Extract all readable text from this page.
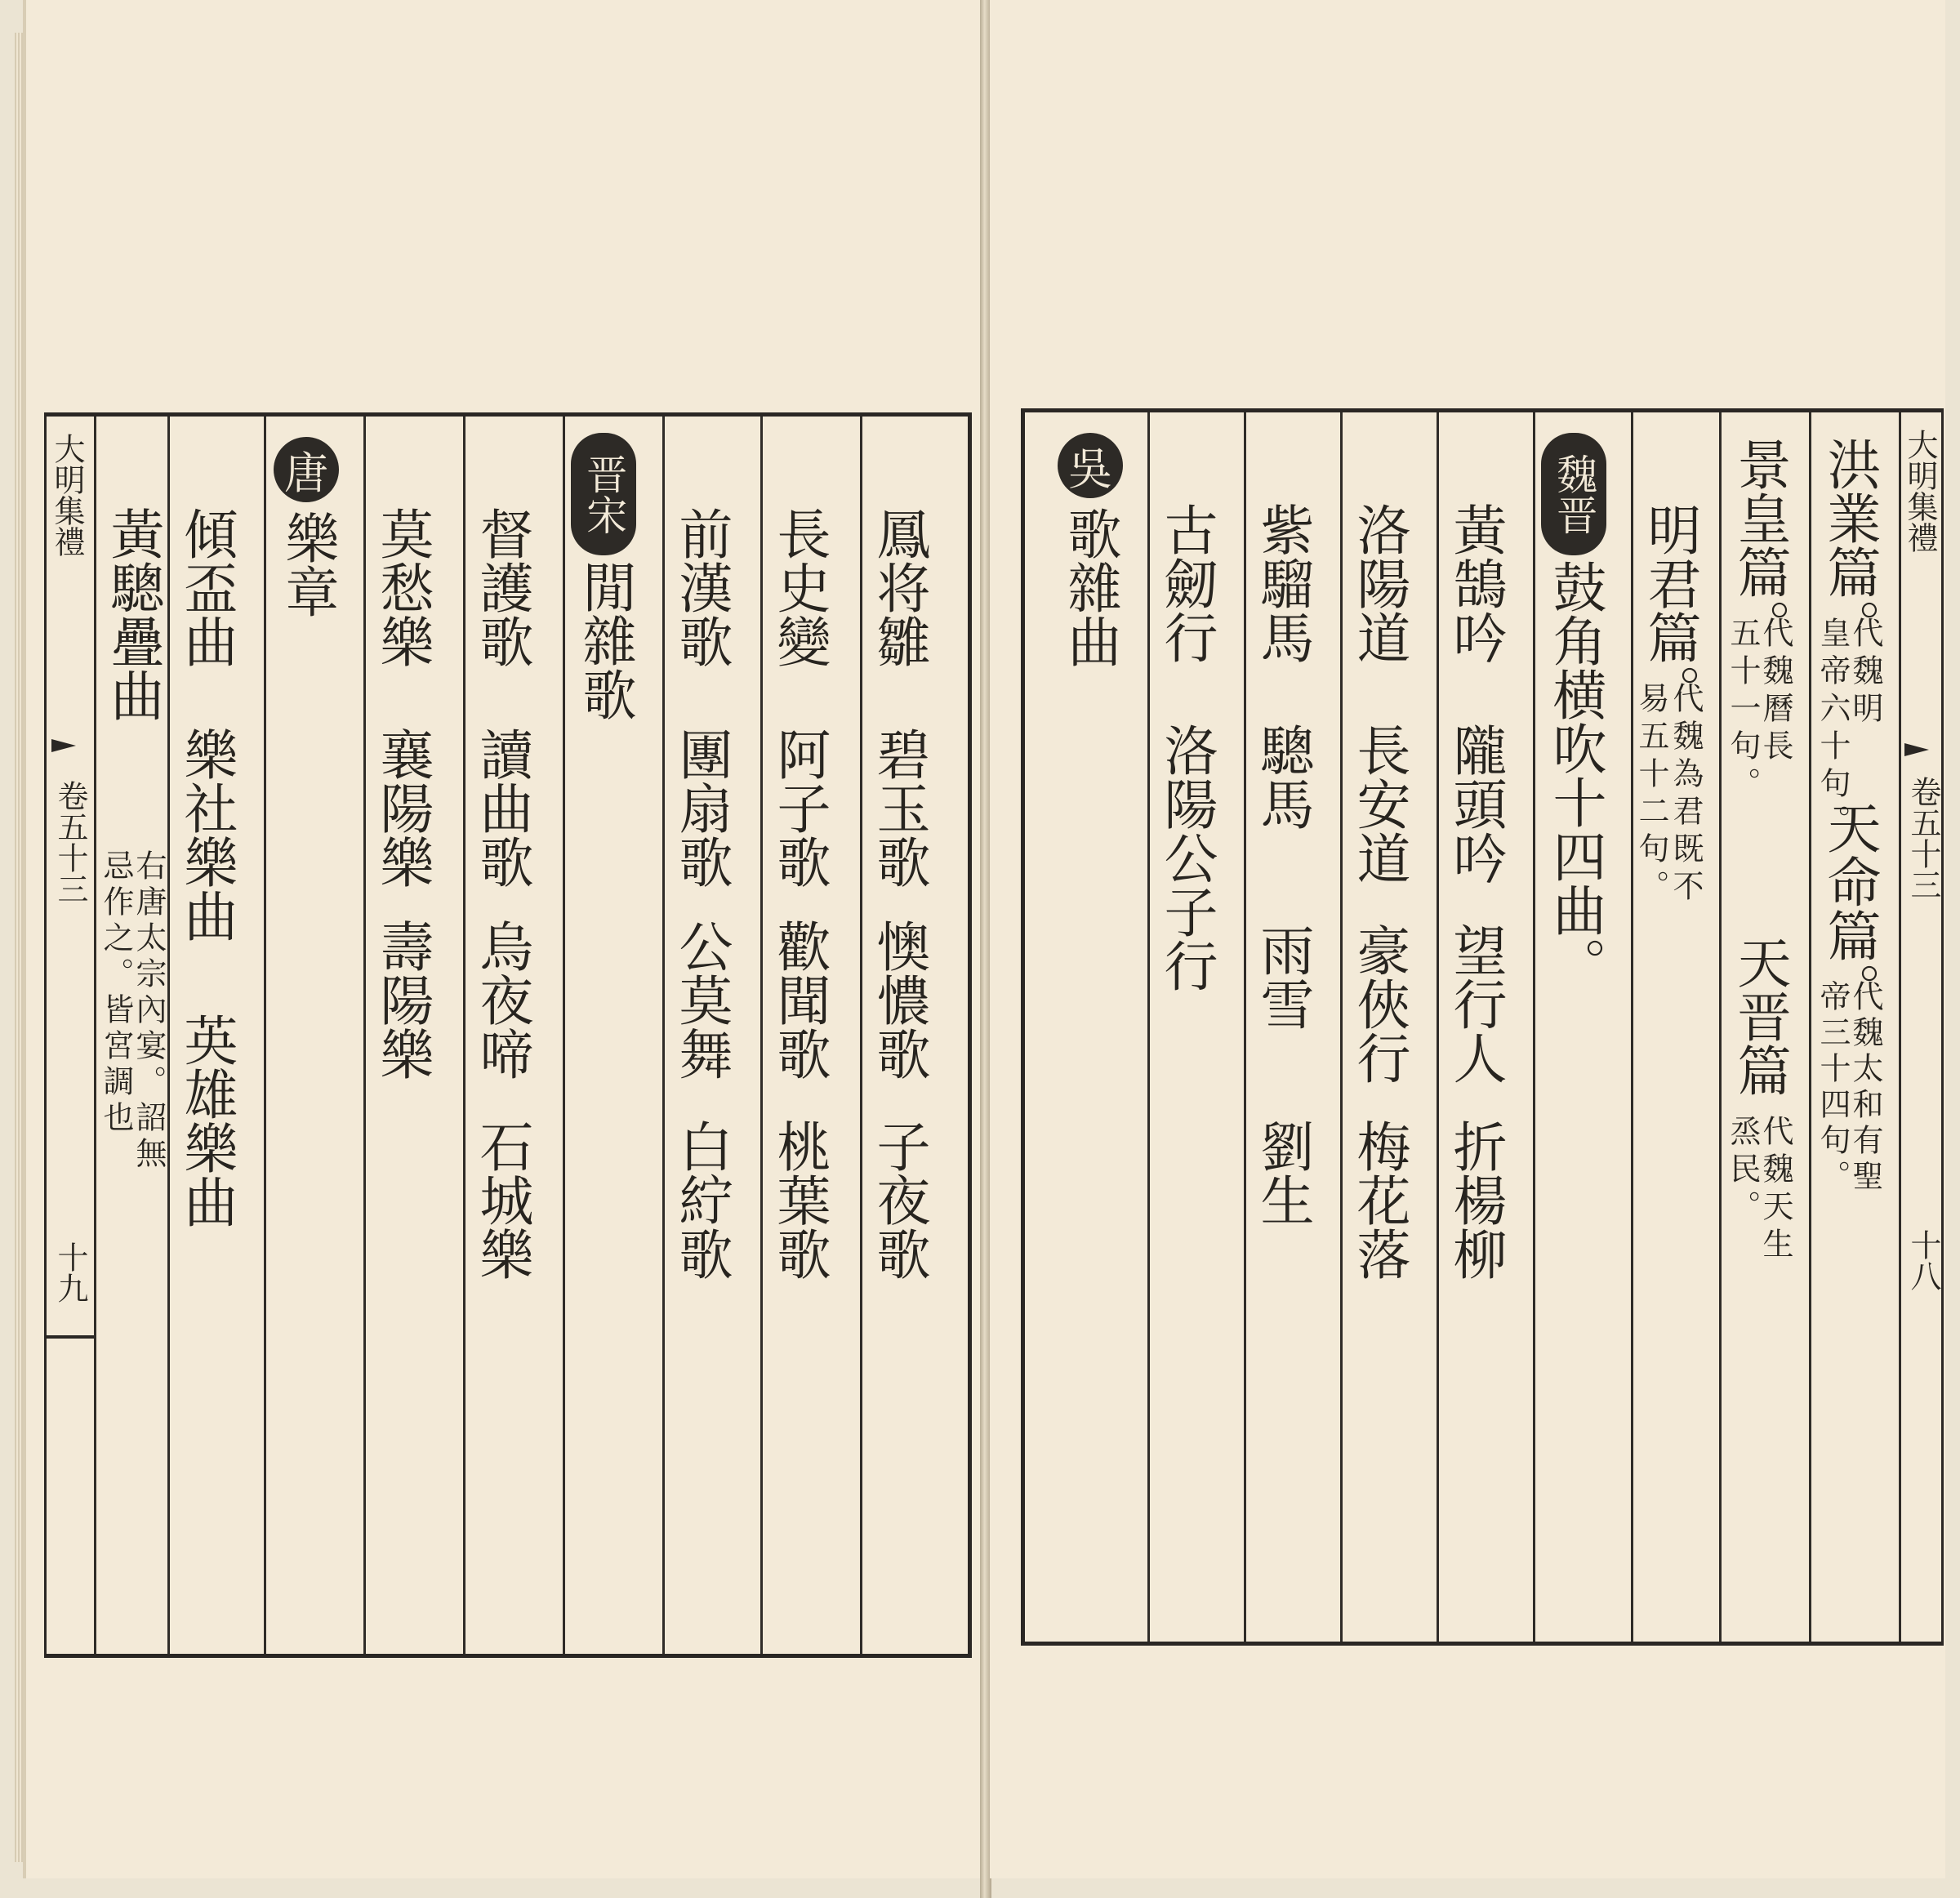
大明集禮
卷五十三
十九
黃驄疊曲
右唐太宗內宴。詔無
忌作之。皆宮調也
傾盃曲
樂社樂曲
英雄樂曲
唐
樂章 莫愁樂
襄陽樂
壽陽樂
督護歌
讀曲歌
烏夜啼
石城樂
晋宋
閒雜歌 前漢歌
團扇歌
公莫舞
白紵歌
長史變
阿子歌
歡聞歌
桃葉歌
鳳将雛
碧玉歌
懊憹歌
子夜歌
吳
歌雜曲 古劒行
洛陽公子行
紫騮馬
驄馬
雨雪
劉生
洛陽道
長安道
豪俠行
梅花落
黃鵠吟
隴頭吟
望行人
折楊柳
魏晋
鼓角横吹十四曲。 明君篇。
代魏為君既不
易五十二句。
景皇篇。
代魏曆長
五十一句。
天晋篇
代魏天生
烝民。
洪業篇。
代魏明
皇帝六十句。
天命篇。
代魏太和有聖
帝三十四句。
大明集禮
卷五十三
十八
